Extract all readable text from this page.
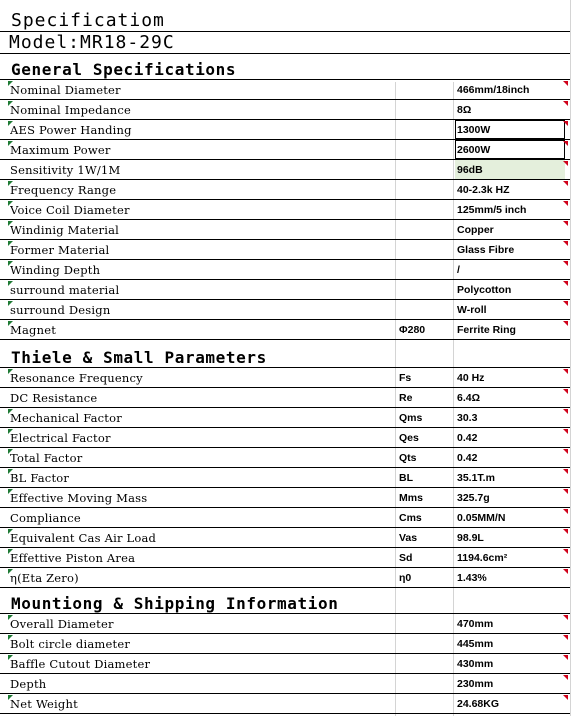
Specificatiom
Model:MR18-29C
General Specifications
Nominal Diameter	466mm/18inch
Nominal Impedance	8Ω
AES Power Handing	1300W
Maximum Power	2600W
Sensitivity 1W/1M	96dB
Frequency Range	40-2.3k HZ
Voice Coil Diameter	125mm/5 inch
Windinig Material	Copper
Former Material	Glass Fibre
Winding Depth	/
surround material	Polycotton
surround Design	W-roll
Magnet	Φ280	Ferrite Ring
Thiele & Small Parameters
Resonance Frequency	Fs	40 Hz
DC Resistance	Re	6.4Ω
Mechanical Factor	Qms	30.3
Electrical Factor	Qes	0.42
Total Factor	Qts	0.42
BL Factor	BL	35.1T.m
Effective Moving Mass	Mms	325.7g
Compliance	Cms	0.05MM/N
Equivalent Cas Air Load	Vas	98.9L
Effettive Piston Area	Sd	1194.6cm²
η(Eta Zero)	η0	1.43%
Mountiong & Shipping Information
Overall Diameter	470mm
Bolt circle diameter	445mm
Baffle Cutout Diameter	430mm
Depth	230mm
Net Weight	24.68KG
